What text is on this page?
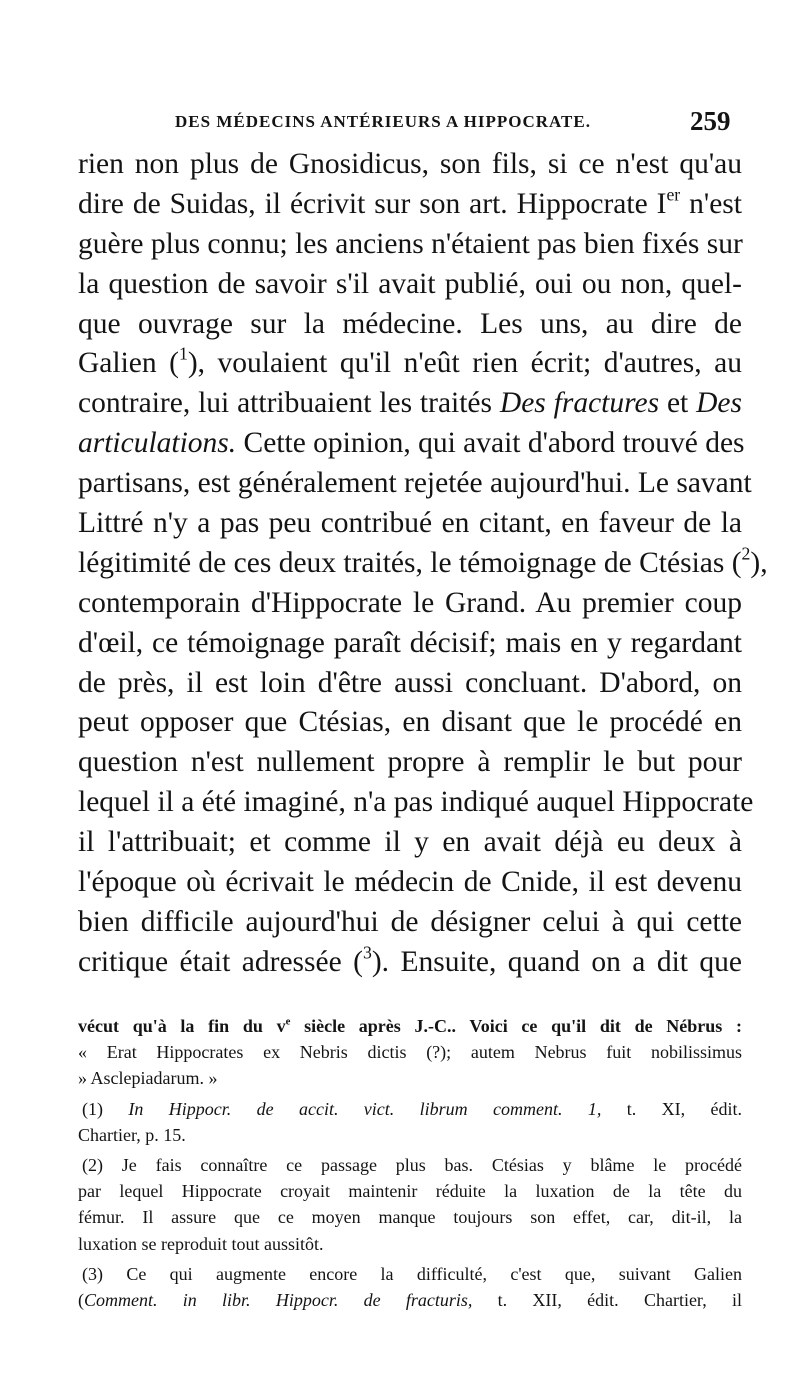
DES MÉDECINS ANTÉRIEURS A HIPPOCRATE.	259
rien non plus de Gnosidicus, son fils, si ce n'est qu'au
dire de Suidas, il écrivit sur son art. Hippocrate Ier n'est
guère plus connu; les anciens n'étaient pas bien fixés sur
la question de savoir s'il avait publié, oui ou non, quel-
que ouvrage sur la médecine. Les uns, au dire de
Galien ($^1$), voulaient qu'il n'eût rien écrit; d'autres, au
contraire, lui attribuaient les traités Des fractures et Des
articulations. Cette opinion, qui avait d'abord trouvé des
partisans, est généralement rejetée aujourd'hui. Le savant
Littré n'y a pas peu contribué en citant, en faveur de la
légitimité de ces deux traités, le témoignage de Ctésias ($^2$),
contemporain d'Hippocrate le Grand. Au premier coup
d'œil, ce témoignage paraît décisif; mais en y regardant
de près, il est loin d'être aussi concluant. D'abord, on
peut opposer que Ctésias, en disant que le procédé en
question n'est nullement propre à remplir le but pour
lequel il a été imaginé, n'a pas indiqué auquel Hippocrate
il l'attribuait; et comme il y en avait déjà eu deux à
l'époque où écrivait le médecin de Cnide, il est devenu
bien difficile aujourd'hui de désigner celui à qui cette
critique était adressée ($^3$). Ensuite, quand on a dit que
vécut qu'à la fin du $v^e$ siècle après J.-C.. Voici ce qu'il dit de Nébrus :
« Erat Hippocrates ex Nebris dictis (?); autem Nebrus fuit nobilissimus
» Asclepiadarum. »
(1) In Hippocr. de accit. vict. librum comment. 1, t. XI, édit.
Chartier, p. 15.
(2) Je fais connaître ce passage plus bas. Ctésias y blâme le procédé
par lequel Hippocrate croyait maintenir réduite la luxation de la tête du
fémur. Il assure que ce moyen manque toujours son effet, car, dit-il, la
luxation se reproduit tout aussitôt.
(3) Ce qui augmente encore la difficulté, c'est que, suivant Galien
(Comment. in libr. Hippocr. de fracturis, t. XII, édit. Chartier, il
